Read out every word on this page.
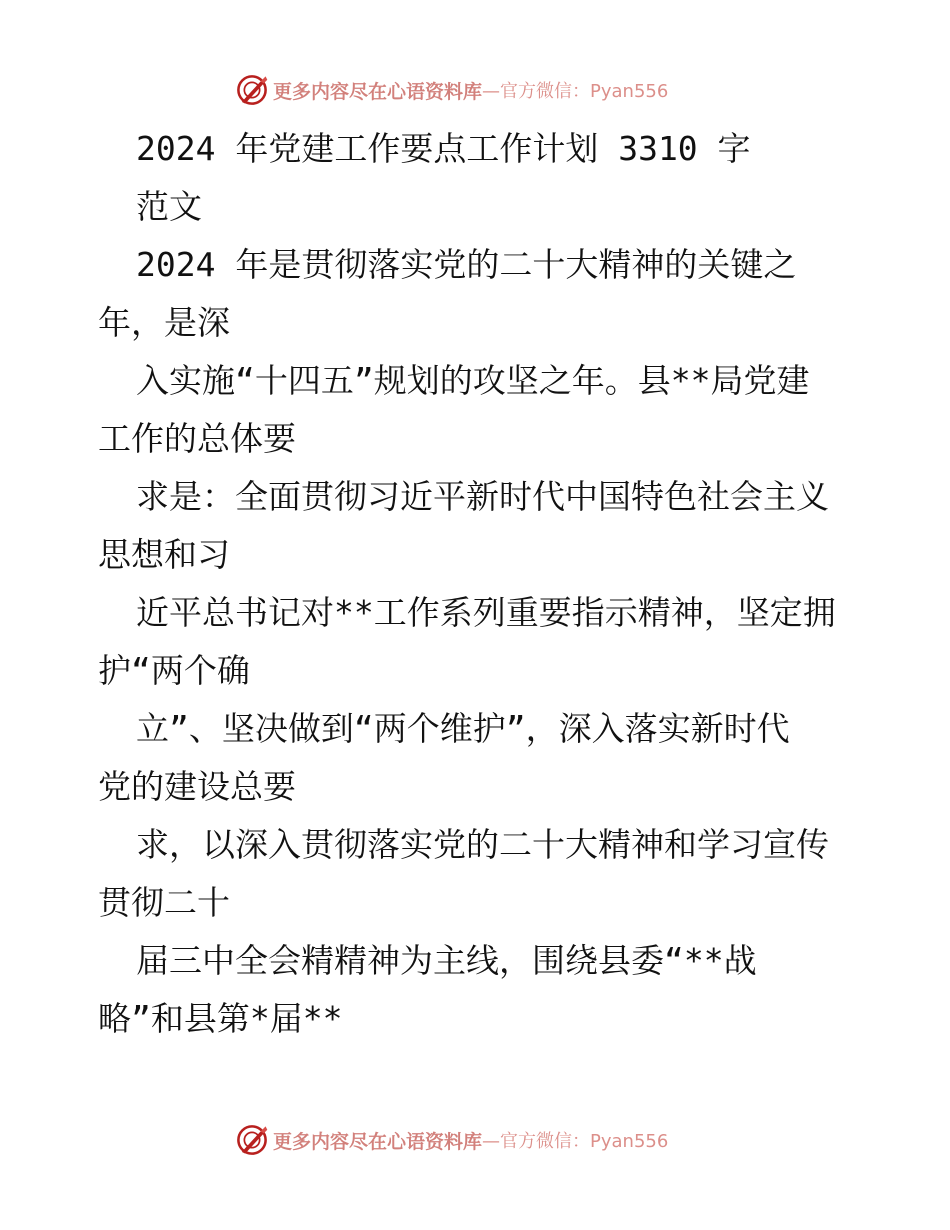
更多内容尽在心语资料库 —官方微信：Pyan556
2024 年党建工作要点工作计划 3310 字
范文
2024 年是贯彻落实党的二十大精神的关键之
年，是深
入实施“十四五”规划的攻坚之年。县**局党建
工作的总体要
求是：全面贯彻习近平新时代中国特色社会主义
思想和习
近平总书记对**工作系列重要指示精神，坚定拥
护“两个确
立”、坚决做到“两个维护”，深入落实新时代
党的建设总要
求，以深入贯彻落实党的二十大精神和学习宣传
贯彻二十
届三中全会精精神为主线，围绕县委“**战
略”和县第*届**
更多内容尽在心语资料库 —官方微信：Pyan556
